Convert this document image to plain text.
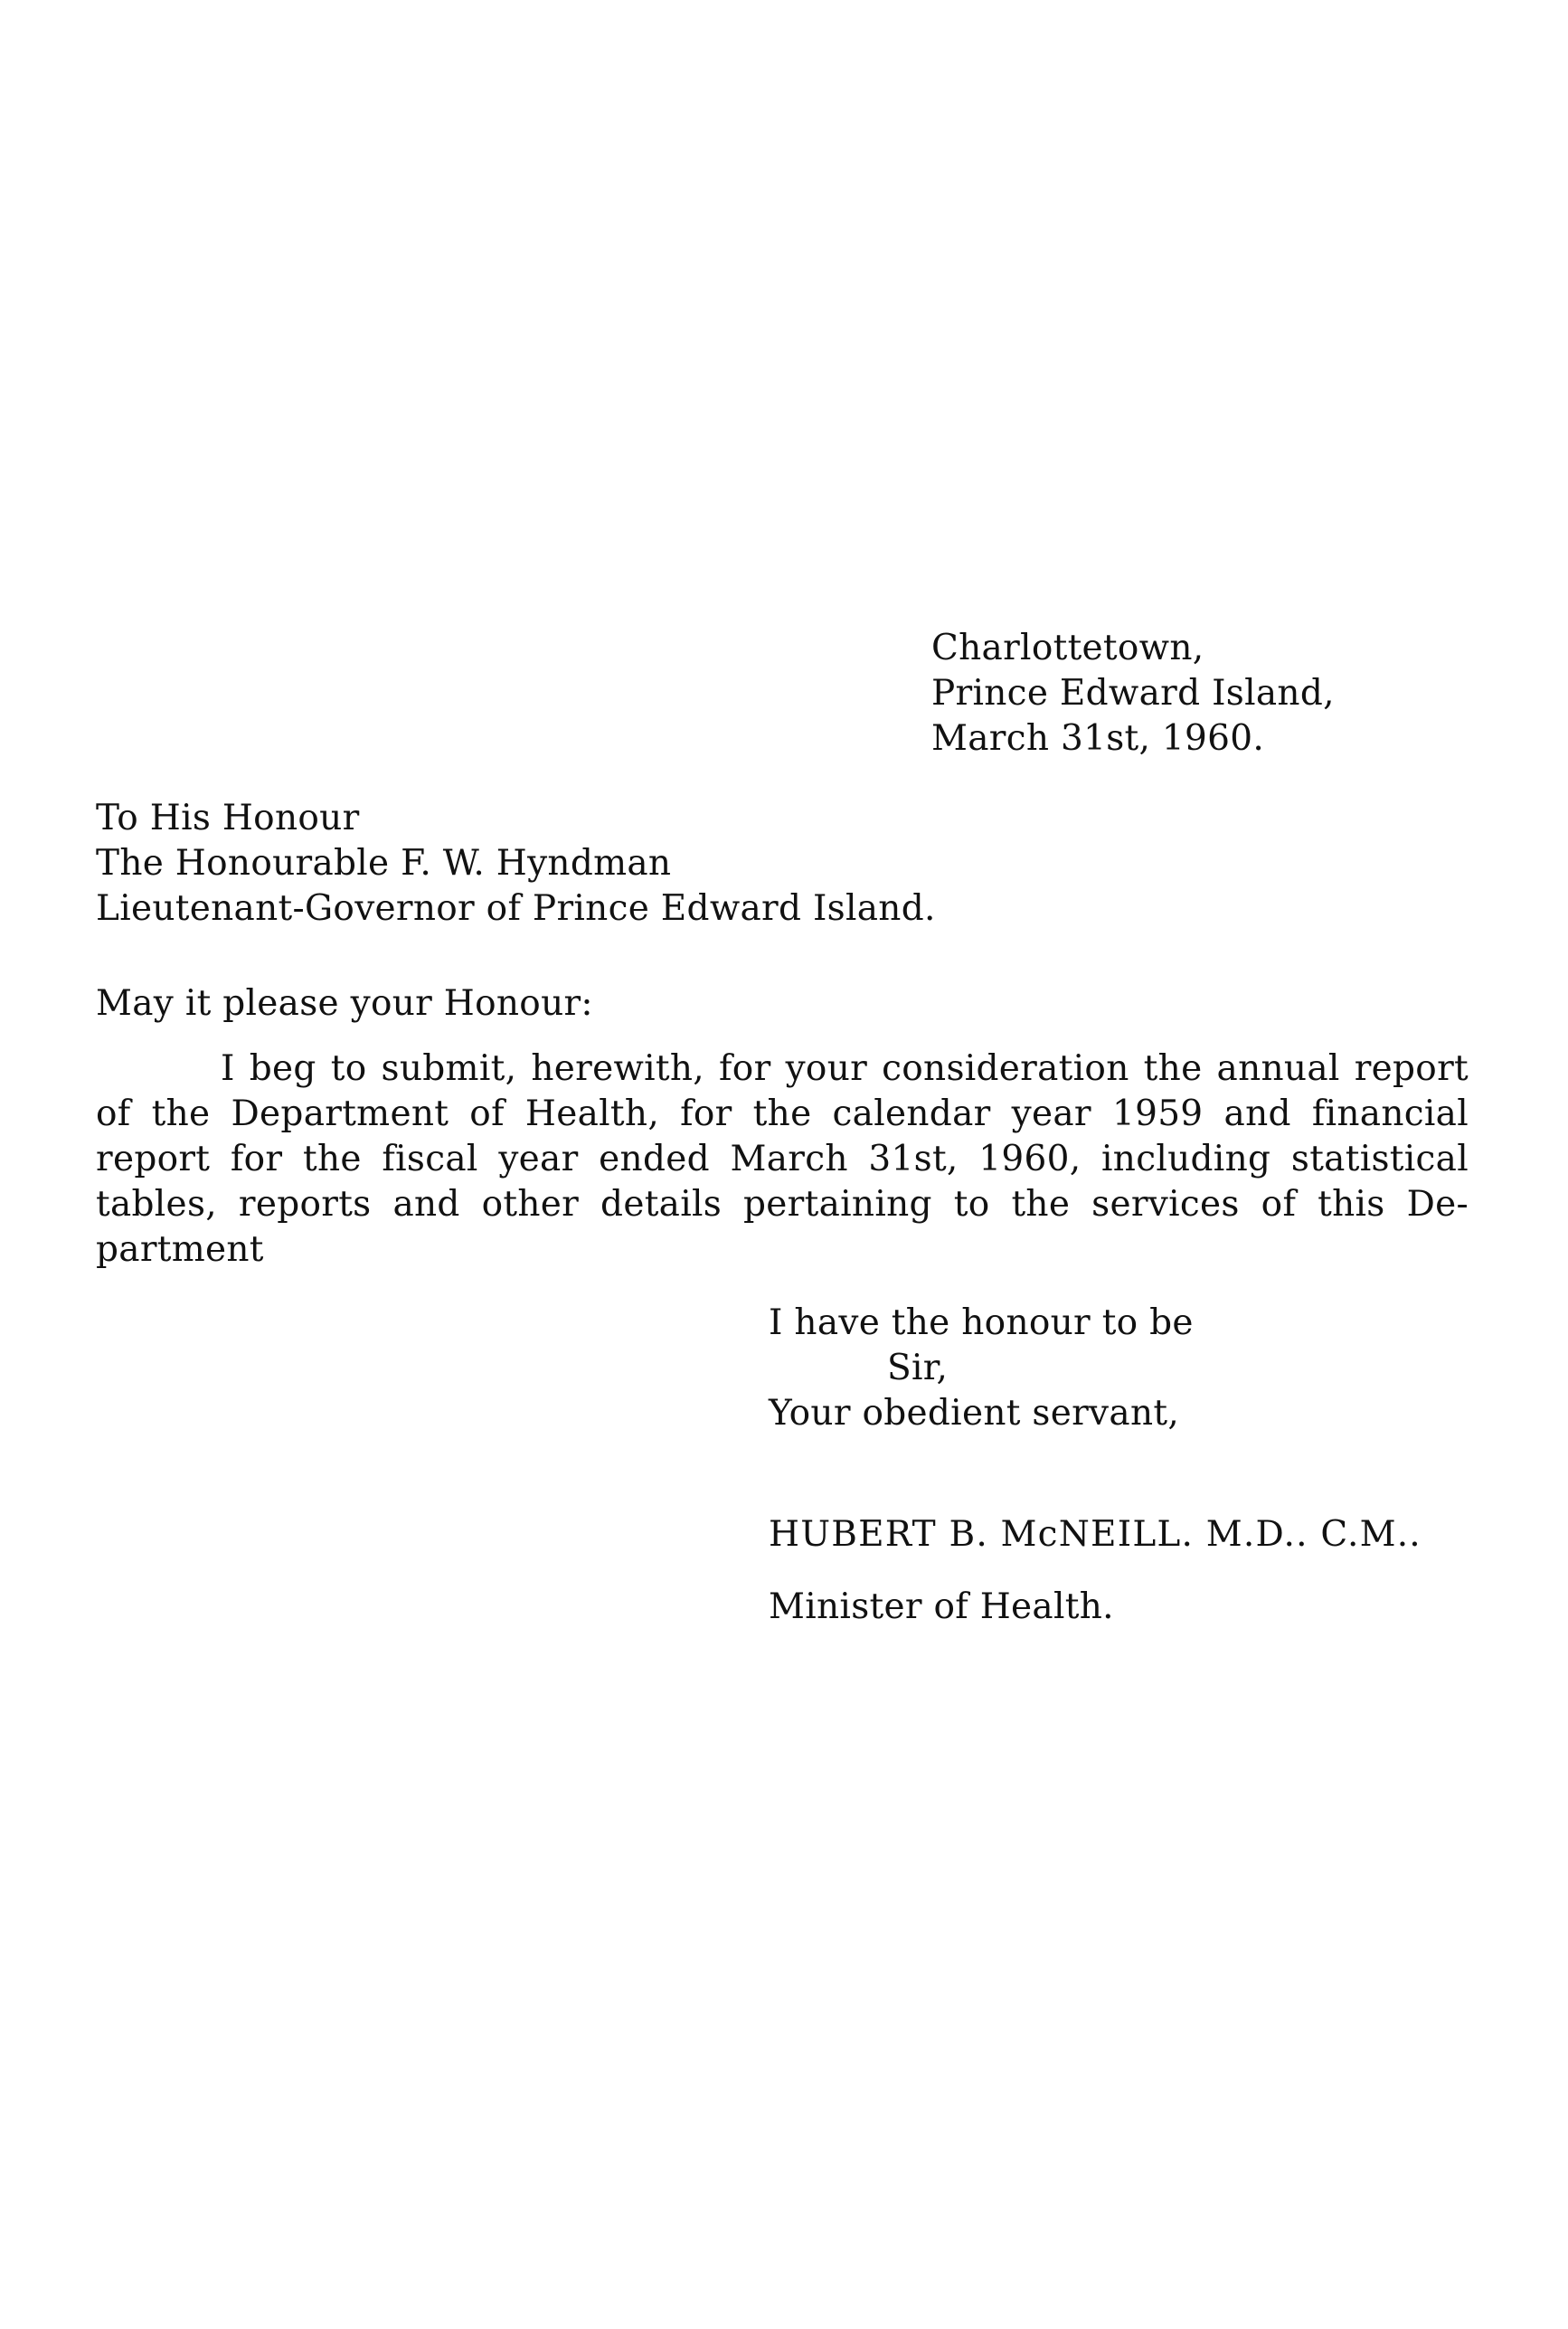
Charlottetown,
Prince Edward Island,
March 31st, 1960.
To His Honour
The Honourable F. W. Hyndman
Lieutenant-Governor of Prince Edward Island.
May it please your Honour:
I beg to submit, herewith, for your consideration the annual report
of the Department of Health, for the calendar year 1959 and financial
report for the fiscal year ended March 31st, 1960, including statistical
tables, reports and other details pertaining to the services of this De-
partment
I have the honour to be
Sir,
Your obedient servant,
HUBERT B. McNEILL. M.D.. C.M..
Minister of Health.
